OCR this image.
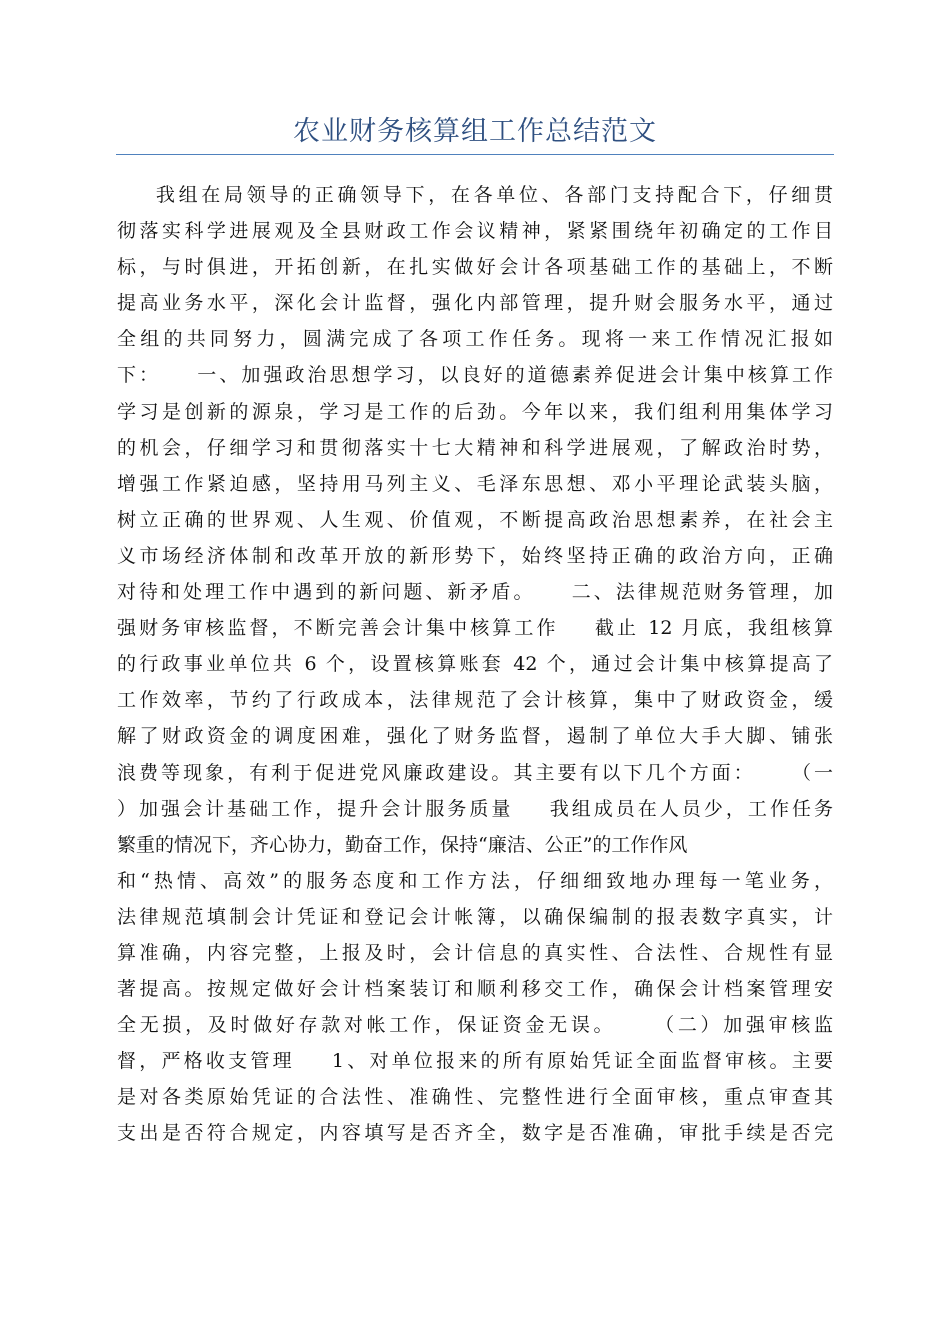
农业财务核算组工作总结范文
我组在局领导的正确领导下，在各单位、各部门支持配合下，仔细贯
彻落实科学进展观及全县财政工作会议精神，紧紧围绕年初确定的工作目
标，与时俱进，开拓创新，在扎实做好会计各项基础工作的基础上，不断
提高业务水平，深化会计监督，强化内部管理，提升财会服务水平，通过
全组的共同努力，圆满完成了各项工作任务。现将一来工作情况汇报如
下：    一、加强政治思想学习，以良好的道德素养促进会计集中核算工作
学习是创新的源泉，学习是工作的后劲。今年以来，我们组利用集体学习
的机会，仔细学习和贯彻落实十七大精神和科学进展观，了解政治时势，
增强工作紧迫感，坚持用马列主义、毛泽东思想、邓小平理论武装头脑，
树立正确的世界观、人生观、价值观，不断提高政治思想素养，在社会主
义市场经济体制和改革开放的新形势下，始终坚持正确的政治方向，正确
对待和处理工作中遇到的新问题、新矛盾。    二、法律规范财务管理，加
强财务审核监督，不断完善会计集中核算工作    截止 12 月底，我组核算
的行政事业单位共 6 个，设置核算账套 42 个，通过会计集中核算提高了
工作效率，节约了行政成本，法律规范了会计核算，集中了财政资金，缓
解了财政资金的调度困难，强化了财务监督，遏制了单位大手大脚、铺张
浪费等现象，有利于促进党风廉政建设。其主要有以下几个方面：    （一
）加强会计基础工作，提升会计服务质量    我组成员在人员少，工作任务
繁重的情况下，齐心协力，勤奋工作，保持“廉洁、公正”的工作作风
和“热情、高效”的服务态度和工作方法，仔细细致地办理每一笔业务，
法律规范填制会计凭证和登记会计帐簿，以确保编制的报表数字真实，计
算准确，内容完整，上报及时，会计信息的真实性、合法性、合规性有显
著提高。按规定做好会计档案装订和顺利移交工作，确保会计档案管理安
全无损，及时做好存款对帐工作，保证资金无误。    （二）加强审核监
督，严格收支管理    1、对单位报来的所有原始凭证全面监督审核。主要
是对各类原始凭证的合法性、准确性、完整性进行全面审核，重点审查其
支出是否符合规定，内容填写是否齐全，数字是否准确，审批手续是否完
